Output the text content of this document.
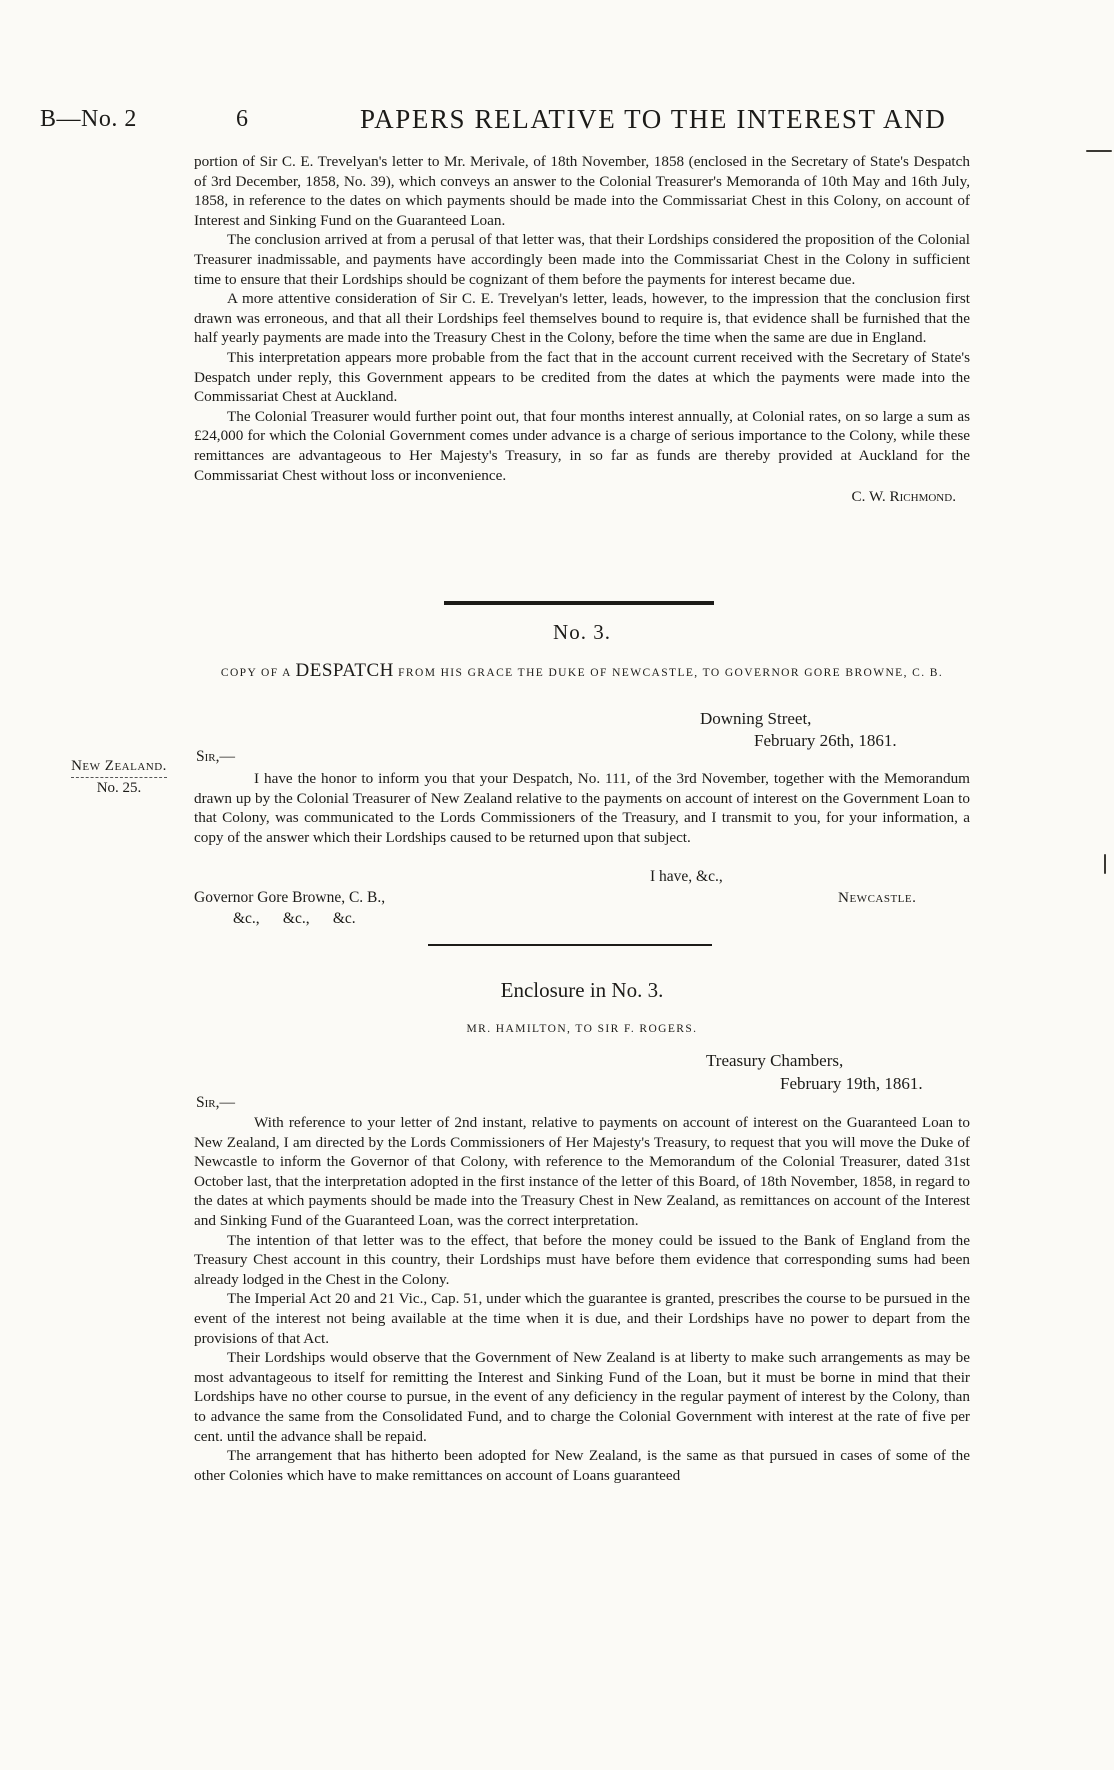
B—No. 2	6	PAPERS RELATIVE TO THE INTEREST AND

portion of Sir C. E. Trevelyan's letter to Mr. Merivale, of 18th November, 1858 (enclosed in the Secretary of State's Despatch of 3rd December, 1858, No. 39), which conveys an answer to the Colonial Treasurer's Memoranda of 10th May and 16th July, 1858, in reference to the dates on which payments should be made into the Commissariat Chest in this Colony, on account of Interest and Sinking Fund on the Guaranteed Loan.

The conclusion arrived at from a perusal of that letter was, that their Lordships considered the proposition of the Colonial Treasurer inadmissable, and payments have accordingly been made into the Commissariat Chest in the Colony in sufficient time to ensure that their Lordships should be cognizant of them before the payments for interest became due.

A more attentive consideration of Sir C. E. Trevelyan's letter, leads, however, to the impression that the conclusion first drawn was erroneous, and that all their Lordships feel themselves bound to require is, that evidence shall be furnished that the half yearly payments are made into the Treasury Chest in the Colony, before the time when the same are due in England.

This interpretation appears more probable from the fact that in the account current received with the Secretary of State's Despatch under reply, this Government appears to be credited from the dates at which the payments were made into the Commissariat Chest at Auckland.

The Colonial Treasurer would further point out, that four months interest annually, at Colonial rates, on so large a sum as £24,000 for which the Colonial Government comes under advance is a charge of serious importance to the Colony, while these remittances are advantageous to Her Majesty's Treasury, in so far as funds are thereby provided at Auckland for the Commissariat Chest without loss or inconvenience.

C. W. Richmond.

No. 3.
COPY OF A DESPATCH FROM HIS GRACE THE DUKE OF NEWCASTLE, TO GOVERNOR GORE BROWNE, C. B.
Downing Street,
February 26th, 1861.
New Zealand.
No. 25.
Sir,—

I have the honor to inform you that your Despatch, No. 111, of the 3rd November, together with the Memorandum drawn up by the Colonial Treasurer of New Zealand relative to the payments on account of interest on the Government Loan to that Colony, was communicated to the Lords Commissioners of the Treasury, and I transmit to you, for your information, a copy of the answer which their Lordships caused to be returned upon that subject.

I have, &c.,
Governor Gore Browne, C. B.,	Newcastle.
&c.,      &c.,      &c.
Enclosure in No. 3.
MR. HAMILTON, TO SIR F. ROGERS.
Treasury Chambers,
February 19th, 1861.
Sir,—

With reference to your letter of 2nd instant, relative to payments on account of interest on the Guaranteed Loan to New Zealand, I am directed by the Lords Commissioners of Her Majesty's Treasury, to request that you will move the Duke of Newcastle to inform the Governor of that Colony, with reference to the Memorandum of the Colonial Treasurer, dated 31st October last, that the interpretation adopted in the first instance of the letter of this Board, of 18th November, 1858, in regard to the dates at which payments should be made into the Treasury Chest in New Zealand, as remittances on account of the Interest and Sinking Fund of the Guaranteed Loan, was the correct interpretation.

The intention of that letter was to the effect, that before the money could be issued to the Bank of England from the Treasury Chest account in this country, their Lordships must have before them evidence that corresponding sums had been already lodged in the Chest in the Colony.

The Imperial Act 20 and 21 Vic., Cap. 51, under which the guarantee is granted, prescribes the course to be pursued in the event of the interest not being available at the time when it is due, and their Lordships have no power to depart from the provisions of that Act.

Their Lordships would observe that the Government of New Zealand is at liberty to make such arrangements as may be most advantageous to itself for remitting the Interest and Sinking Fund of the Loan, but it must be borne in mind that their Lordships have no other course to pursue, in the event of any deficiency in the regular payment of interest by the Colony, than to advance the same from the Consolidated Fund, and to charge the Colonial Government with interest at the rate of five per cent. until the advance shall be repaid.

The arrangement that has hitherto been adopted for New Zealand, is the same as that pursued in cases of some of the other Colonies which have to make remittances on account of Loans guaranteed
